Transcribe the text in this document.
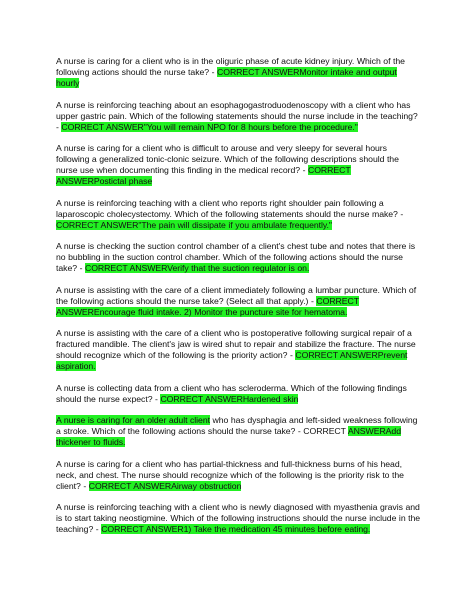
A nurse is caring for a client who is in the oliguric phase of acute kidney injury. Which of the following actions should the nurse take? - CORRECT ANSWERMonitor intake and output hourly

A nurse is reinforcing teaching about an esophagogastroduodenoscopy with a client who has upper gastric pain. Which of the following statements should the nurse include in the teaching? - CORRECT ANSWER"You will remain NPO for 8 hours before the procedure."

A nurse is caring for a client who is difficult to arouse and very sleepy for several hours following a generalized tonic-clonic seizure. Which of the following descriptions should the nurse use when documenting this finding in the medical record? - CORRECT ANSWERPostictal phase

A nurse is reinforcing teaching with a client who reports right shoulder pain following a laparoscopic cholecystectomy. Which of the following statements should the nurse make? - CORRECT ANSWER"The pain will dissipate if you ambulate frequently."

A nurse is checking the suction control chamber of a client's chest tube and notes that there is no bubbling in the suction control chamber. Which of the following actions should the nurse take? - CORRECT ANSWERVerify that the suction regulator is on.

A nurse is assisting with the care of a client immediately following a lumbar puncture. Which of the following actions should the nurse take? (Select all that apply.) - CORRECT ANSWEREncourage fluid intake. 2) Monitor the puncture site for hematoma.

A nurse is assisting with the care of a client who is postoperative following surgical repair of a fractured mandible. The client's jaw is wired shut to repair and stabilize the fracture. The nurse should recognize which of the following is the priority action? - CORRECT ANSWERPrevent aspiration.

A nurse is collecting data from a client who has scleroderma. Which of the following findings should the nurse expect? - CORRECT ANSWERHardened skin

A nurse is caring for an older adult client who has dysphagia and left-sided weakness following a stroke. Which of the following actions should the nurse take? - CORRECT ANSWERAdd thickener to fluids.

A nurse is caring for a client who has partial-thickness and full-thickness burns of his head, neck, and chest. The nurse should recognize which of the following is the priority risk to the client? - CORRECT ANSWERAirway obstruction

A nurse is reinforcing teaching with a client who is newly diagnosed with myasthenia gravis and is to start taking neostigmine. Which of the following instructions should the nurse include in the teaching? - CORRECT ANSWER1) Take the medication 45 minutes before eating.
